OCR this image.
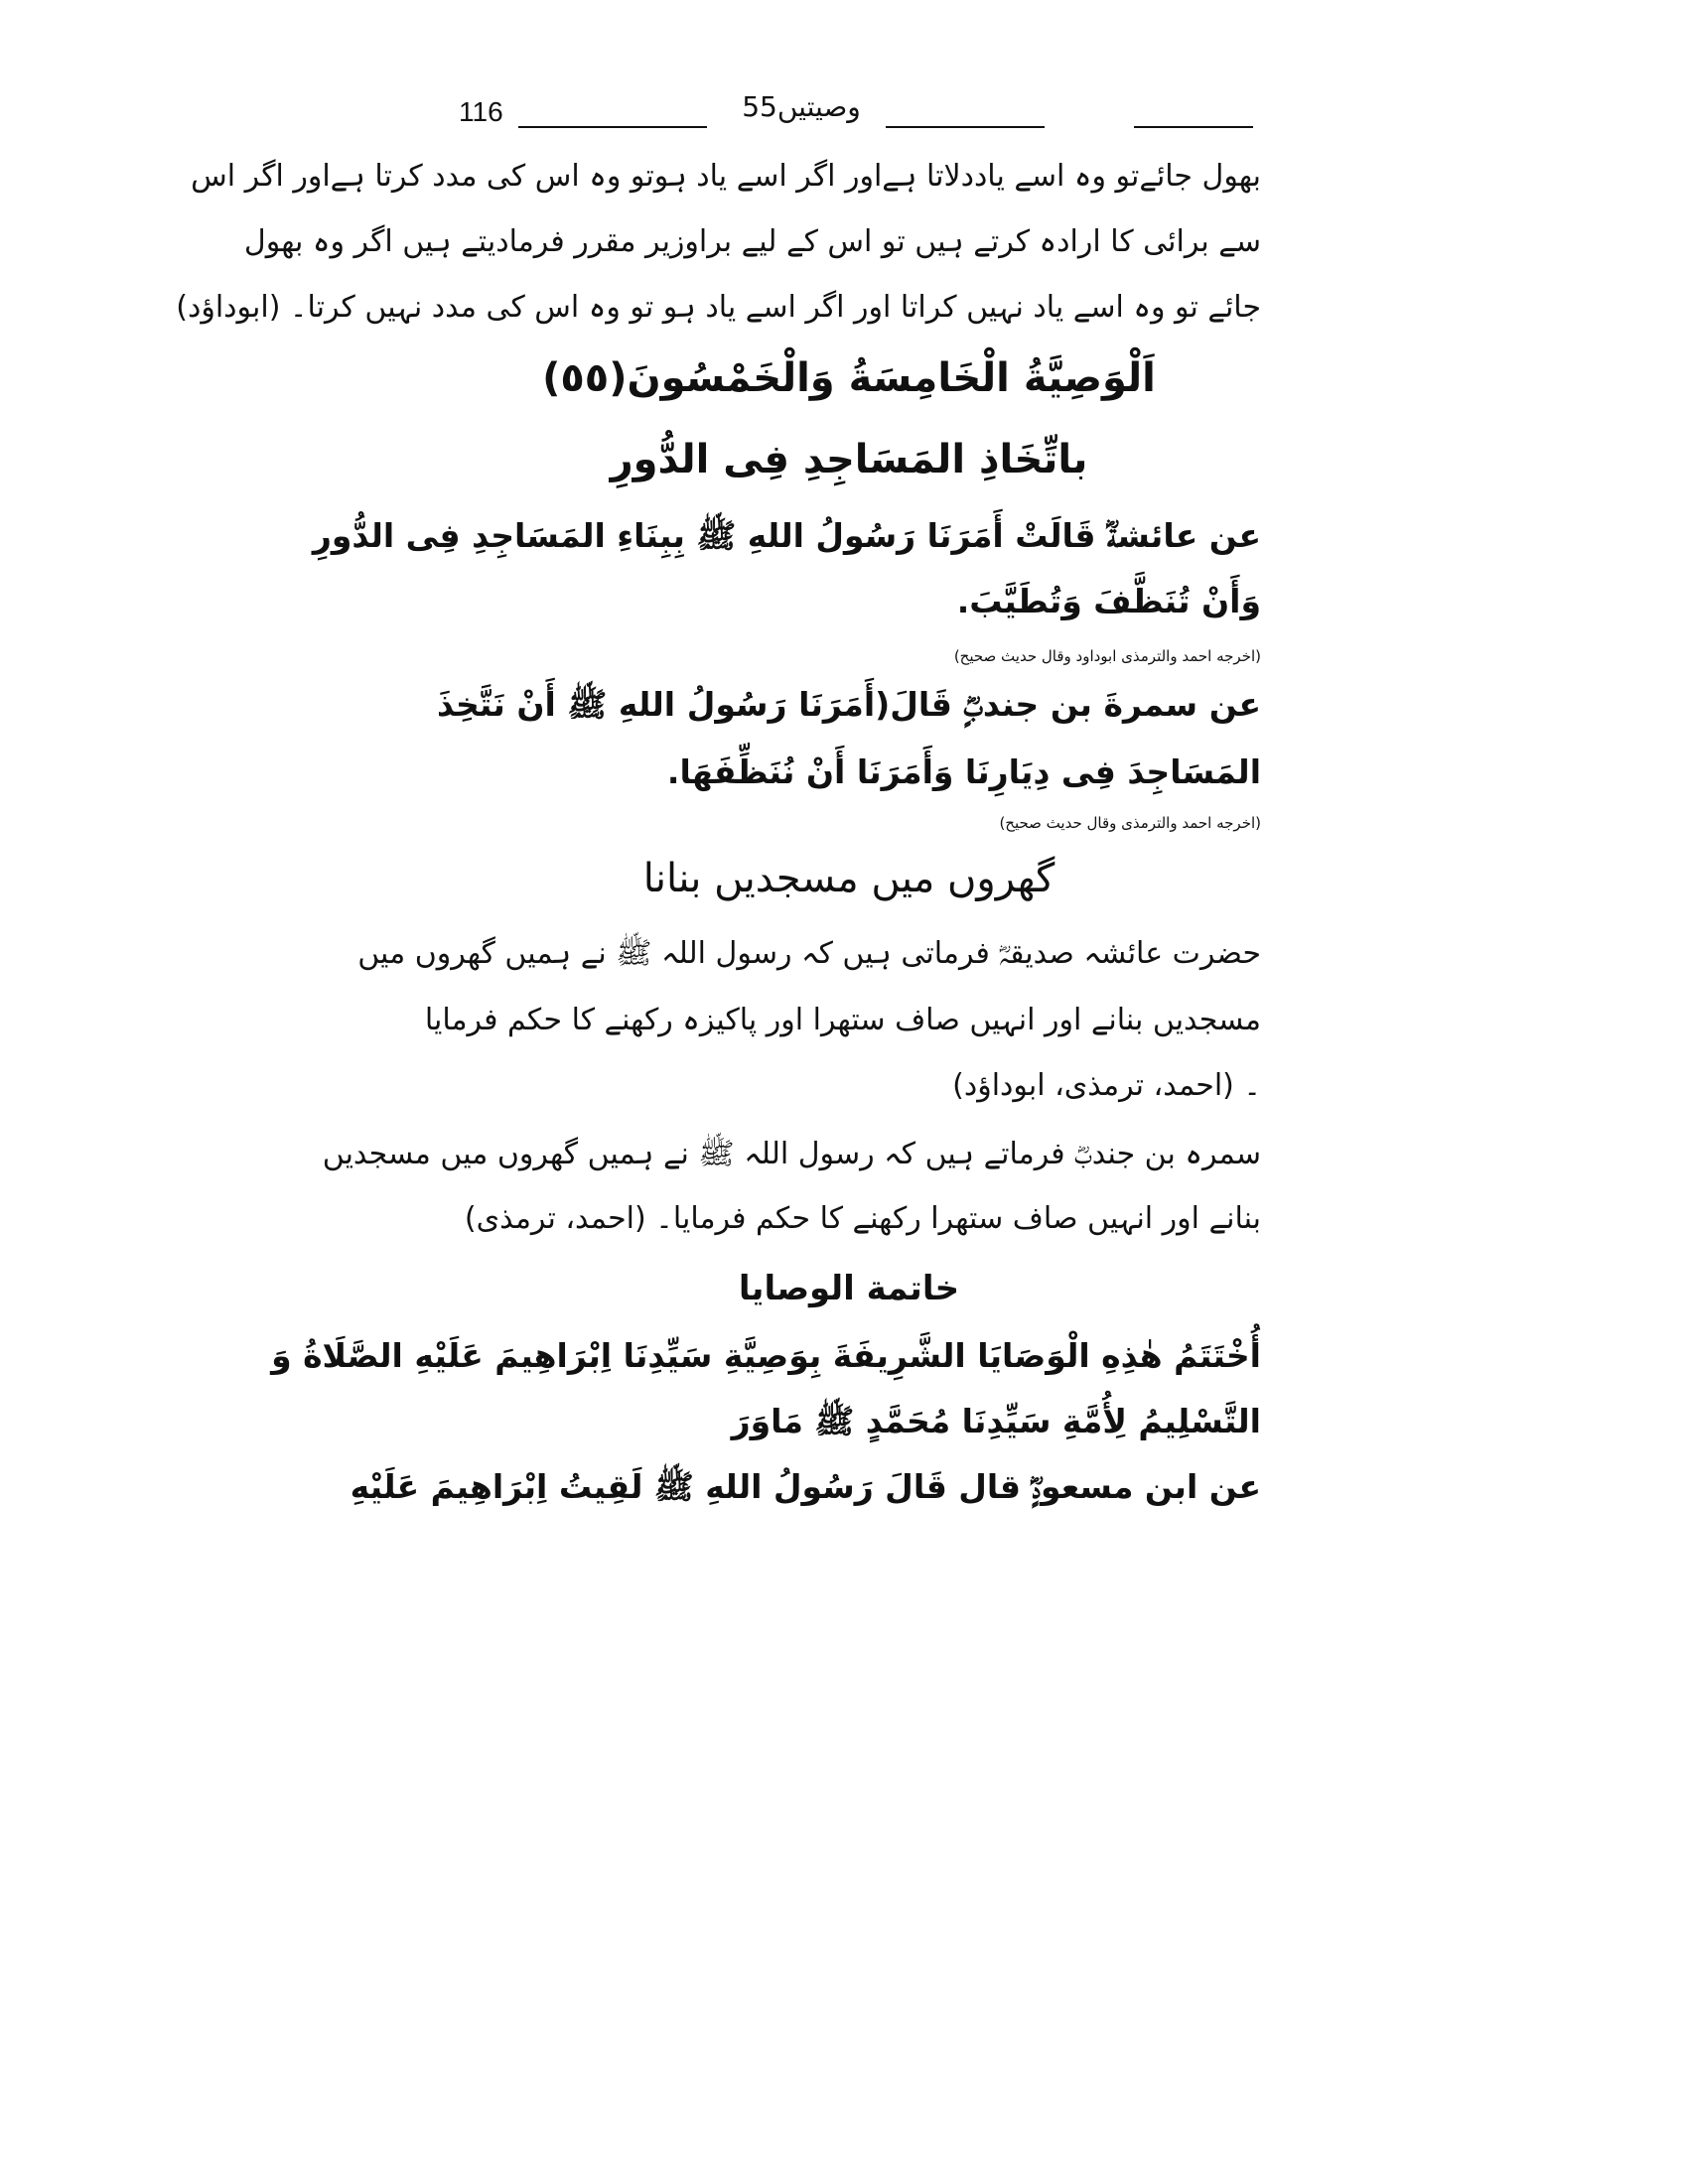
116	55وصیتیں
بھول جائےتو وہ اسے یاددلاتا ہےاور اگر اسے یاد ہوتو وہ اس کی مدد کرتا ہےاور اگر اس
سے برائی کا ارادہ کرتے ہیں تو اس کے لیے براوزیر مقرر فرمادیتے ہیں اگر وہ بھول
جائے تو وہ اسے یاد نہیں کراتا اور اگر اسے یاد ہو تو وہ اس کی مدد نہیں کرتا۔ (ابوداؤد)
اَلْوَصِيَّةُ الْخَامِسَةُ وَالْخَمْسُونَ(٥٥)
باتِّخَاذِ المَسَاجِدِ فِی الدُّورِ
عن عائشةؓ قَالَتْ أَمَرَنَا رَسُولُ اللهِ ﷺ بِبِنَاءِ المَسَاجِدِ فِی الدُّورِ
وَأَنْ تُنَظَّفَ وَتُطَيَّبَ.
(اخرجه احمد والترمذی ابوداود وقال حدیث صحیح)
عن سمرةَ بن جندبٍؓ قَالَ(أَمَرَنَا رَسُولُ اللهِ ﷺ أَنْ نَتَّخِذَ
المَسَاجِدَ فِی دِيَارِنَا وَأَمَرَنَا أَنْ نُنَظِّفَهَا.
(اخرجه احمد والترمذی وقال حدیث صحیح)
گھروں میں مسجدیں بنانا
حضرت عائشہ صدیقہؓ فرماتی ہیں کہ رسول اللہ ﷺ نے ہمیں گھروں میں
مسجدیں بنانے اور انہیں صاف ستھرا اور پاکیزہ رکھنے کا حکم فرمایا
۔ (احمد، ترمذی، ابوداؤد)
سمرہ بن جندبؓ فرماتے ہیں کہ رسول اللہ ﷺ نے ہمیں گھروں میں مسجدیں
بنانے اور انہیں صاف ستھرا رکھنے کا حکم فرمایا۔ (احمد، ترمذی)
خاتمة الوصايا
أُخْتَتَمُ هٰذِهِ الْوَصَايَا الشَّرِيفَةَ بِوَصِيَّةِ سَيِّدِنَا اِبْرَاهِيمَ عَلَيْهِ الصَّلَاةُ وَ
التَّسْلِيمُ لِأُمَّةِ سَيِّدِنَا مُحَمَّدٍ ﷺ مَاوَرَ
عن ابن مسعودٍؓ قال قَالَ رَسُولُ اللهِ ﷺ لَقِيتُ اِبْرَاهِيمَ عَلَيْهِ
